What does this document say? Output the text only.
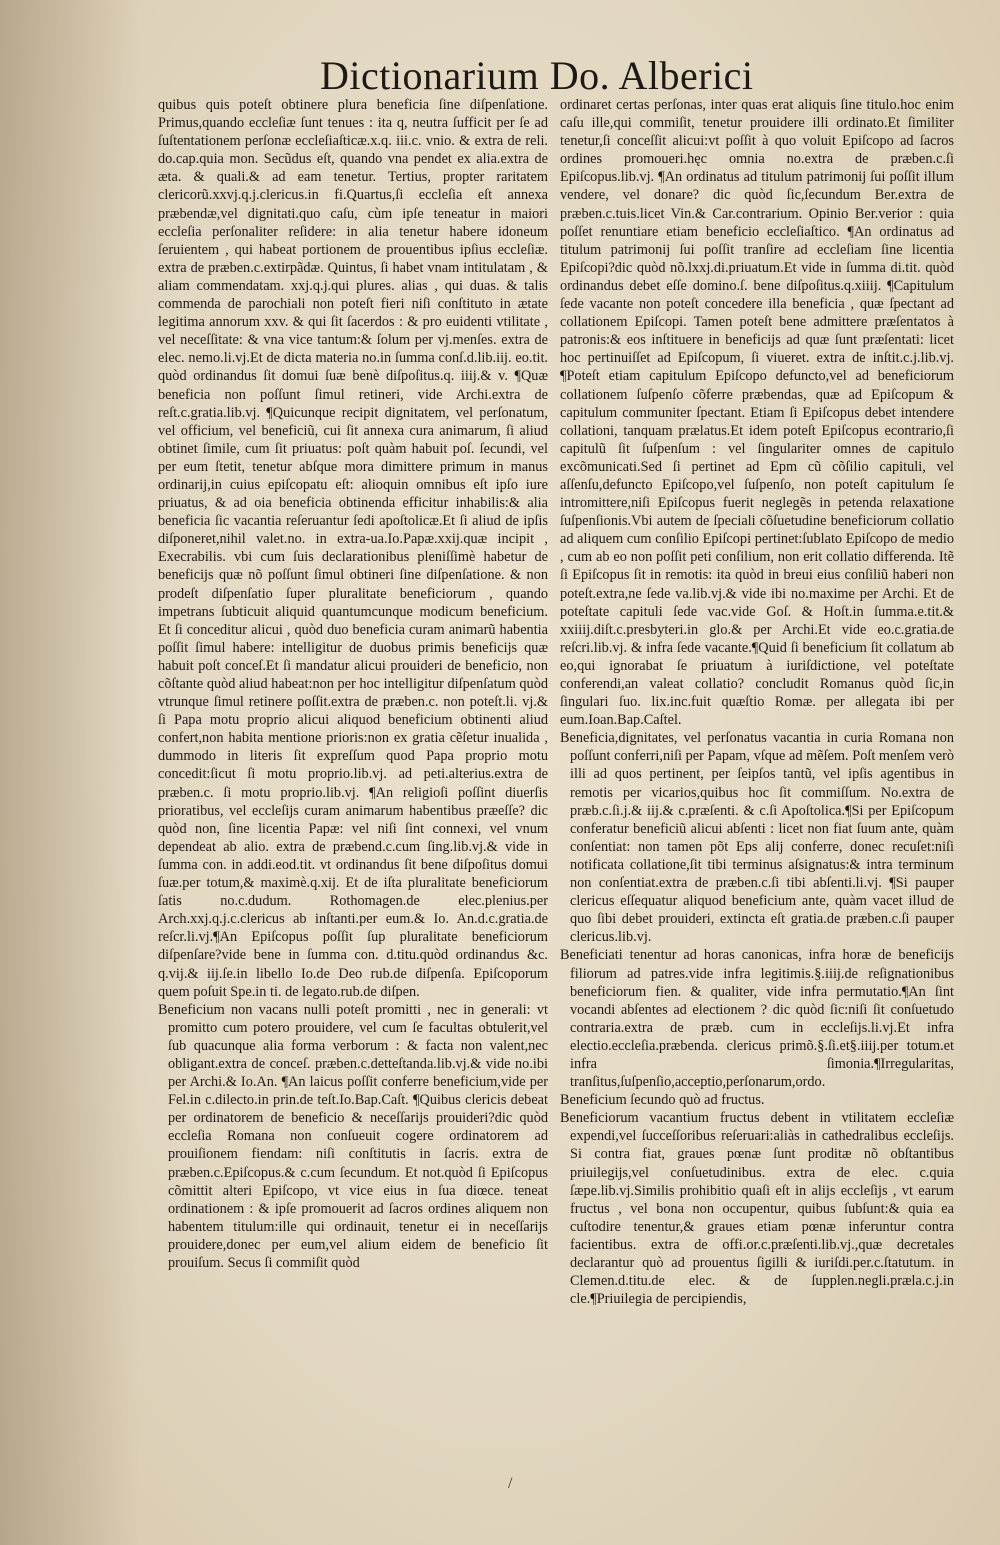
Dictionarium Do. Alberici

quibus quis poteſt obtinere plura beneficia ſine diſpenſatione. Primus,quando eccleſiæ ſunt tenues : ita q, neutra ſufficit per ſe ad ſuſtentationem perſonæ eccleſiaſticæ.x.q. iii.c. vnio. & extra de reli. do.cap.quia mon. Secũdus eſt, quando vna pendet ex alia.extra de æta. & quali.& ad eam tenetur. Tertius, propter raritatem clericorũ.xxvj.q.j.clericus.in fi.Quartus,ſi eccleſia eſt annexa præbendæ,vel dignitati.quo caſu, cùm ipſe teneatur in maiori eccleſia perſonaliter reſidere: in alia tenetur habere idoneum ſeruientem , qui habeat portionem de prouentibus ipſius eccleſiæ. extra de præben.c.extirpãdæ. Quintus, ſi habet vnam intitulatam , & aliam commendatam. xxj.q.j.qui plures. alias , qui duas. & talis commenda de parochiali non poteſt fieri niſi conſtituto in ætate legitima annorum xxv. & qui ſit ſacerdos : & pro euidenti vtilitate , vel neceſſitate: & vna vice tantum:& ſolum per vj.menſes. extra de elec. nemo.li.vj.Et de dicta materia no.in ſumma conſ.d.lib.iij. eo.tit. quòd ordinandus ſit domui ſuæ benè diſpoſitus.q. iiij.& v. ¶Quæ beneficia non poſſunt ſimul retineri, vide Archi.extra de reſt.c.gratia.lib.vj. ¶Quicunque recipit dignitatem, vel perſonatum, vel officium, vel beneficiũ, cui ſit annexa cura animarum, ſi aliud obtinet ſimile, cum ſit priuatus: poſt quàm habuit poſ. ſecundi, vel per eum ſtetit, tenetur abſque mora dimittere primum in manus ordinarij,in cuius epiſcopatu eſt: alioquin omnibus eſt ipſo iure priuatus, & ad oia beneficia obtinenda efficitur inhabilis:& alia beneficia ſic vacantia reſeruantur ſedi apoſtolicæ.Et ſi aliud de ipſis diſponeret,nihil valet.no. in extra-ua.Io.Papæ.xxij.quæ incipit , Execrabilis. vbi cum ſuis declarationibus pleniſſimè habetur de beneficijs quæ nõ poſſunt ſimul obtineri ſine diſpenſatione. & non prodeſt diſpenſatio ſuper pluralitate beneficiorum , quando impetrans ſubticuit aliquid quantumcunque modicum beneficium. Et ſi conceditur alicui , quòd duo beneficia curam animarũ habentia poſſit ſimul habere: intelligitur de duobus primis beneficijs quæ habuit poſt conceſ.Et ſi mandatur alicui prouideri de beneficio, non cõſtante quòd aliud habeat:non per hoc intelligitur diſpenſatum quòd vtrunque ſimul retinere poſſit.extra de præben.c. non poteſt.li. vj.& ſi Papa motu proprio alicui aliquod beneficium obtinenti aliud confert,non habita mentione prioris:non ex gratia cẽſetur inualida , dummodo in literis ſit expreſſum quod Papa proprio motu concedit:ſicut ſi motu proprio.lib.vj. ad peti.alterius.extra de præben.c. ſi motu proprio.lib.vj. ¶An religioſi poſſint diuerſis prioratibus, vel eccleſijs curam animarum habentibus præeſſe? dic quòd non, ſine licentia Papæ: vel niſi ſint connexi, vel vnum dependeat ab alio. extra de præbend.c.cum ſing.lib.vj.& vide in ſumma con. in addi.eod.tit. vt ordinandus ſit bene diſpoſitus domui ſuæ.per totum,& maximè.q.xij. Et de iſta pluralitate beneficiorum ſatis no.c.dudum. Rothomagen.de elec.plenius.per Arch.xxj.q.j.c.clericus ab inſtanti.per eum.& Io. An.d.c.gratia.de reſcr.li.vj.¶An Epiſcopus poſſit ſup pluralitate beneficiorum diſpenſare?vide bene in ſumma con. d.titu.quòd ordinandus &c. q.vij.& iij.ſe.in libello Io.de Deo rub.de diſpenſa. Epiſcoporum quem poſuit Spe.in ti. de legato.rub.de diſpen.

Beneficium non vacans nulli poteſt promitti , nec in generali: vt promitto cum potero prouidere, vel cum ſe facultas obtulerit,vel ſub quacunque alia forma verborum : & facta non valent,nec obligant.extra de conceſ. præben.c.detteſtanda.lib.vj.& vide no.ibi per Archi.& Io.An. ¶An laicus poſſit conferre beneficium,vide per Fel.in c.dilecto.in prin.de teſt.Io.Bap.Caſt. ¶Quibus clericis debeat per ordinatorem de beneficio & neceſſarijs prouideri?dic quòd eccleſia Romana non conſueuit cogere ordinatorem ad prouiſionem fiendam: niſi conſtitutis in ſacris. extra de præben.c.Epiſcopus.& c.cum ſecundum. Et not.quòd ſi Epiſcopus cõmittit alteri Epiſcopo, vt vice eius in ſua diœce. teneat ordinationem : & ipſe promouerit ad ſacros ordines aliquem non habentem titulum:ille qui ordinauit, tenetur ei in neceſſarijs prouidere,donec per eum,vel alium eidem de beneficio ſit prouiſum. Secus ſi commiſit quòd

ordinaret certas perſonas, inter quas erat aliquis ſine titulo.hoc enim caſu ille,qui commiſit, tenetur prouidere illi ordinato.Et ſimiliter tenetur,ſi conceſſit alicui:vt poſſit à quo voluit Epiſcopo ad ſacros ordines promoueri.hęc omnia no.extra de præben.c.ſi Epiſcopus.lib.vj. ¶An ordinatus ad titulum patrimonij ſui poſſit illum vendere, vel donare? dic quòd ſic,ſecundum Ber.extra de præben.c.tuis.licet Vin.& Car.contrarium. Opinio Ber.verior : quia poſſet renuntiare etiam beneficio eccleſiaſtico. ¶An ordinatus ad titulum patrimonij ſui poſſit tranſire ad eccleſiam ſine licentia Epiſcopi?dic quòd nõ.lxxj.di.priuatum.Et vide in ſumma di.tit. quòd ordinandus debet eſſe domino.ſ. bene diſpoſitus.q.xiiij. ¶Capitulum ſede vacante non poteſt concedere illa beneficia , quæ ſpectant ad collationem Epiſcopi. Tamen poteſt bene admittere præſentatos à patronis:& eos inſtituere in beneficijs ad quæ ſunt præſentati: licet hoc pertinuiſſet ad Epiſcopum, ſi viueret. extra de inſtit.c.j.lib.vj. ¶Poteſt etiam capitulum Epiſcopo defuncto,vel ad beneficiorum collationem ſuſpenſo cõferre præbendas, quæ ad Epiſcopum & capitulum communiter ſpectant. Etiam ſi Epiſcopus debet intendere collationi, tanquam prælatus.Et idem poteſt Epiſcopus econtrario,ſi capitulũ ſit ſuſpenſum : vel ſingulariter omnes de capitulo excõmunicati.Sed ſi pertinet ad Epm cũ cõſilio capituli, vel aſſenſu,defuncto Epiſcopo,vel ſuſpenſo, non poteſt capitulum ſe intromittere,niſi Epiſcopus fuerit neglegẽs in petenda relaxatione ſuſpenſionis.Vbi autem de ſpeciali cõſuetudine beneficiorum collatio ad aliquem cum conſilio Epiſcopi pertinet:ſublato Epiſcopo de medio , cum ab eo non poſſit peti conſilium, non erit collatio differenda. Itẽ ſi Epiſcopus ſit in remotis: ita quòd in breui eius conſiliũ haberi non poteſt.extra,ne ſede va.lib.vj.& vide ibi no.maxime per Archi. Et de poteſtate capituli ſede vac.vide Goſ. & Hoſt.in ſumma.e.tit.& xxiiij.diſt.c.presbyteri.in glo.& per Archi.Et vide eo.c.gratia.de reſcri.lib.vj. & infra ſede vacante.¶Quid ſi beneficium ſit collatum ab eo,qui ignorabat ſe priuatum à iuriſdictione, vel poteſtate conferendi,an valeat collatio? concludit Romanus quòd ſic,in ſingulari ſuo. lix.inc.fuit quæſtio Romæ. per allegata ibi per eum.Ioan.Bap.Caſtel.

Beneficia,dignitates, vel perſonatus vacantia in curia Romana non poſſunt conferri,niſi per Papam, vſque ad mẽſem. Poſt menſem verò illi ad quos pertinent, per ſeipſos tantũ, vel ipſis agentibus in remotis per vicarios,quibus hoc ſit commiſſum. No.extra de præb.c.ſi.j.& iij.& c.præſenti. & c.ſi Apoſtolica.¶Si per Epiſcopum conferatur beneficiũ alicui abſenti : licet non fiat ſuum ante, quàm conſentiat: non tamen põt Eps alij conferre, donec recuſet:niſi notificata collatione,ſit tibi terminus aſsignatus:& intra terminum non conſentiat.extra de præben.c.ſi tibi abſenti.li.vj. ¶Si pauper clericus eſſequatur aliquod beneficium ante, quàm vacet illud de quo ſibi debet prouideri, extincta eſt gratia.de præben.c.ſi pauper clericus.lib.vj.

Beneficiati tenentur ad horas canonicas, infra horæ de beneficijs filiorum ad patres.vide infra legitimis.§.iiij.de reſignationibus beneficiorum fien. & qualiter, vide infra permutatio.¶An ſint vocandi abſentes ad electionem ? dic quòd ſic:niſi ſit conſuetudo contraria.extra de præb. cum in eccleſijs.li.vj.Et infra electio.eccleſia.præbenda. clericus primõ.§.ſi.et§.iiij.per totum.et infra ſimonia.¶Irregularitas, tranſitus,ſuſpenſio,acceptio,perſonarum,ordo.

Beneficium ſecundo quò ad fructus.

Beneficiorum vacantium fructus debent in vtilitatem eccleſiæ expendi,vel ſucceſſoribus reſeruari:aliàs in cathedralibus eccleſijs. Si contra fiat, graues pœnæ ſunt proditæ nõ obſtantibus priuilegijs,vel conſuetudinibus. extra de elec. c.quia ſæpe.lib.vj.Similis prohibitio quaſi eſt in alijs eccleſijs , vt earum fructus , vel bona non occupentur, quibus ſubſunt:& quia ea cuſtodire tenentur,& graues etiam pœnæ inferuntur contra facientibus. extra de offi.or.c.præſenti.lib.vj.,quæ decretales declarantur quò ad prouentus ſigilli & iuriſdi.per.c.ſtatutum. in Clemen.d.titu.de elec. & de ſupplen.negli.præla.c.j.in cle.¶Priuilegia de percipiendis,

/
